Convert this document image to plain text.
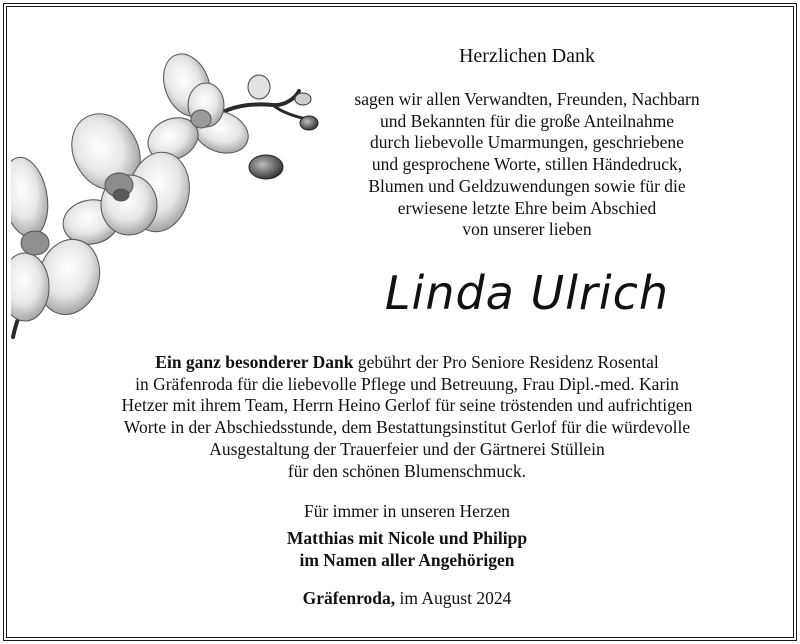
Herzlichen Dank
sagen wir allen Verwandten, Freunden, Nachbarn
und Bekannten für die große Anteilnahme
durch liebevolle Umarmungen, geschriebene
und gesprochene Worte, stillen Händedruck,
Blumen und Geldzuwendungen sowie für die
erwiesene letzte Ehre beim Abschied
von unserer lieben
Linda Ulrich
Ein ganz besonderer Dank gebührt der Pro Seniore Residenz Rosental
in Gräfenroda für die liebevolle Pflege und Betreuung, Frau Dipl.-med. Karin
Hetzer mit ihrem Team, Herrn Heino Gerlof für seine tröstenden und aufrichtigen
Worte in der Abschiedsstunde, dem Bestattungsinstitut Gerlof für die würdevolle
Ausgestaltung der Trauerfeier und der Gärtnerei Stüllein
für den schönen Blumenschmuck.
Für immer in unseren Herzen
Matthias mit Nicole und Philipp
im Namen aller Angehörigen
Gräfenroda, im August 2024
